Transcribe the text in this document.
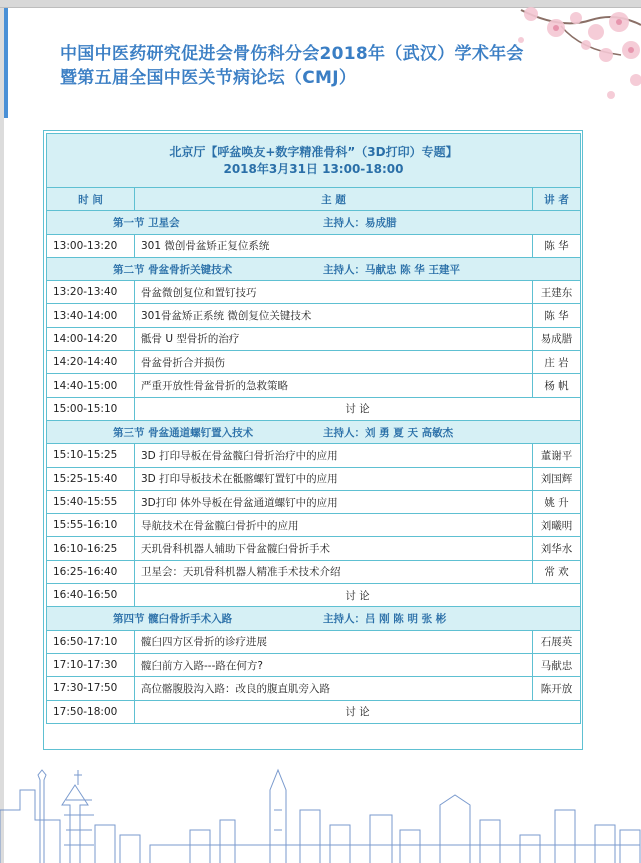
中国中医药研究促进会骨伤科分会2018年（武汉）学术年会
暨第五届全国中医关节病论坛（CMJ）
北京厅【呼盆唤友+数字精准骨科”（3D打印）专题】
2018年3月31日 13:00-18:00		

时 间	主 题	讲 者
第一节 卫星会 主持人：易成腊		
13:00-13:20	301 微创骨盆矫正复位系统	陈 华
第二节 骨盆骨折关键技术 主持人：马献忠 陈 华 王建平		
13:20-13:40	骨盆微创复位和置钉技巧	王建东
13:40-14:00	301骨盆矫正系统 微创复位关键技术	陈 华
14:00-14:20	骶骨 U 型骨折的治疗	易成腊
14:20-14:40	骨盆骨折合并损伤	庄 岩
14:40-15:00	严重开放性骨盆骨折的急救策略	杨 帆
15:00-15:10	讨 论	
第三节 骨盆通道螺钉置入技术 主持人：刘 勇 夏 天 高敏杰		
15:10-15:25	3D 打印导板在骨盆髋臼骨折治疗中的应用	董谢平
15:25-15:40	3D 打印导板技术在骶髂螺钉置钉中的应用	刘国辉
15:40-15:55	3D打印 体外导板在骨盆通道螺钉中的应用	姚 升
15:55-16:10	导航技术在骨盆髋臼骨折中的应用	刘曦明
16:10-16:25	天玑骨科机器人辅助下骨盆髋臼骨折手术	刘华水
16:25-16:40	卫星会：天玑骨科机器人精准手术技术介绍	常 欢
16:40-16:50	讨 论	
第四节 髋臼骨折手术入路 主持人：吕 刚 陈 明 张 彬		
16:50-17:10	髋臼四方区骨折的诊疗进展	石展英
17:10-17:30	髋臼前方入路---路在何方?	马献忠
17:30-17:50	高位髂腹股沟入路：改良的腹直肌旁入路	陈开放
17:50-18:00	讨 论	
